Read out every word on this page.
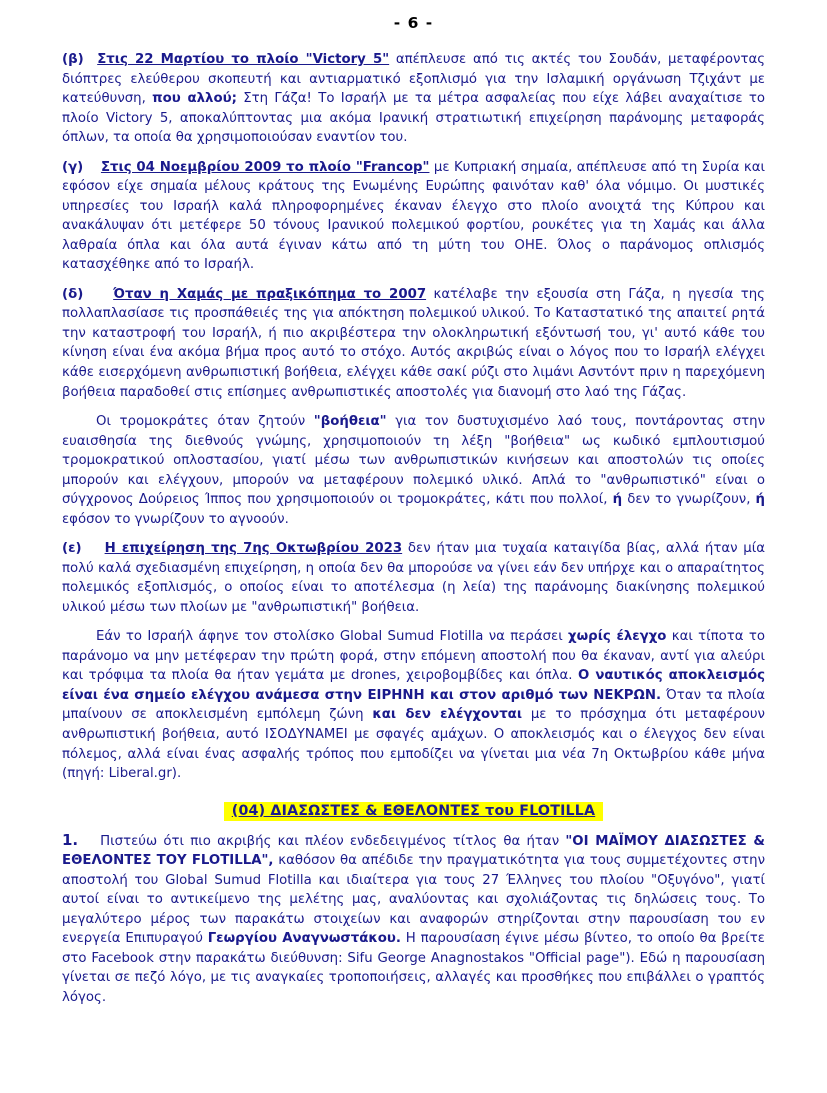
- 6 -

(β) Στις 22 Μαρτίου το πλοίο "Victory 5" απέπλευσε από τις ακτές του Σουδάν, μεταφέροντας διόπτρες ελεύθερου σκοπευτή και αντιαρματικό εξοπλισμό για την Ισλαμική οργάνωση Τζιχάντ με κατεύθυνση, που αλλού; Στη Γάζα! Το Ισραήλ με τα μέτρα ασφαλείας που είχε λάβει αναχαίτισε το πλοίο Victory 5, αποκαλύπτοντας μια ακόμα Ιρανική στρατιωτική επιχείρηση παράνομης μεταφοράς όπλων, τα οποία θα χρησιμοποιούσαν εναντίον του.

(γ) Στις 04 Νοεμβρίου 2009 το πλοίο "Francop" με Κυπριακή σημαία, απέπλευσε από τη Συρία και εφόσον είχε σημαία μέλους κράτους της Ενωμένης Ευρώπης φαινόταν καθ' όλα νόμιμο. Οι μυστικές υπηρεσίες του Ισραήλ καλά πληροφορημένες έκαναν έλεγχο στο πλοίο ανοιχτά της Κύπρου και ανακάλυψαν ότι μετέφερε 50 τόνους Ιρανικού πολεμικού φορτίου, ρουκέτες για τη Χαμάς και άλλα λαθραία όπλα και όλα αυτά έγιναν κάτω από τη μύτη του ΟΗΕ. Όλος ο παράνομος οπλισμός κατασχέθηκε από το Ισραήλ.

(δ) Όταν η Χαμάς με πραξικόπημα το 2007 κατέλαβε την εξουσία στη Γάζα, η ηγεσία της πολλαπλασίασε τις προσπάθειές της για απόκτηση πολεμικού υλικού. Το Καταστατικό της απαιτεί ρητά την καταστροφή του Ισραήλ, ή πιο ακριβέστερα την ολοκληρωτική εξόντωσή του, γι' αυτό κάθε του κίνηση είναι ένα ακόμα βήμα προς αυτό το στόχο. Αυτός ακριβώς είναι ο λόγος που το Ισραήλ ελέγχει κάθε εισερχόμενη ανθρωπιστική βοήθεια, ελέγχει κάθε σακί ρύζι στο λιμάνι Ασντόντ πριν η παρεχόμενη βοήθεια παραδοθεί στις επίσημες ανθρωπιστικές αποστολές για διανομή στο λαό της Γάζας.

Οι τρομοκράτες όταν ζητούν "βοήθεια" για τον δυστυχισμένο λαό τους, ποντάροντας στην ευαισθησία της διεθνούς γνώμης, χρησιμοποιούν τη λέξη "βοήθεια" ως κωδικό εμπλουτισμού τρομοκρατικού οπλοστασίου, γιατί μέσω των ανθρωπιστικών κινήσεων και αποστολών τις οποίες μπορούν και ελέγχουν, μπορούν να μεταφέρουν πολεμικό υλικό. Απλά το "ανθρωπιστικό" είναι ο σύγχρονος Δούρειος Ίππος που χρησιμοποιούν οι τρομοκράτες, κάτι που πολλοί, ή δεν το γνωρίζουν, ή εφόσον το γνωρίζουν το αγνοούν.

(ε) Η επιχείρηση της 7ης Οκτωβρίου 2023 δεν ήταν μια τυχαία καταιγίδα βίας, αλλά ήταν μία πολύ καλά σχεδιασμένη επιχείρηση, η οποία δεν θα μπορούσε να γίνει εάν δεν υπήρχε και ο απαραίτητος πολεμικός εξοπλισμός, ο οποίος είναι το αποτέλεσμα (η λεία) της παράνομης διακίνησης πολεμικού υλικού μέσω των πλοίων με "ανθρωπιστική" βοήθεια.

Εάν το Ισραήλ άφηνε τον στολίσκο Global Sumud Flotilla να περάσει χωρίς έλεγχο και τίποτα το παράνομο να μην μετέφεραν την πρώτη φορά, στην επόμενη αποστολή που θα έκαναν, αντί για αλεύρι και τρόφιμα τα πλοία θα ήταν γεμάτα με drones, χειροβομβίδες και όπλα. Ο ναυτικός αποκλεισμός είναι ένα σημείο ελέγχου ανάμεσα στην ΕΙΡΗΝΗ και στον αριθμό των ΝΕΚΡΩΝ. Όταν τα πλοία μπαίνουν σε αποκλεισμένη εμπόλεμη ζώνη και δεν ελέγχονται με το πρόσχημα ότι μεταφέρουν ανθρωπιστική βοήθεια, αυτό ΙΣΟΔΥΝΑΜΕΙ με σφαγές αμάχων. Ο αποκλεισμός και ο έλεγχος δεν είναι πόλεμος, αλλά είναι ένας ασφαλής τρόπος που εμποδίζει να γίνεται μια νέα 7η Οκτωβρίου κάθε μήνα (πηγή: Liberal.gr).

(04) ΔΙΑΣΩΣΤΕΣ & ΕΘΕΛΟΝΤΕΣ του FLOTILLA

1. Πιστεύω ότι πιο ακριβής και πλέον ενδεδειγμένος τίτλος θα ήταν "ΟΙ ΜΑΪΜΟΥ ΔΙΑΣΩΣΤΕΣ & ΕΘΕΛΟΝΤΕΣ ΤΟΥ FLOTILLA", καθόσον θα απέδιδε την πραγματικότητα για τους συμμετέχοντες στην αποστολή του Global Sumud Flotilla και ιδιαίτερα για τους 27 Έλληνες του πλοίου "Οξυγόνο", γιατί αυτοί είναι το αντικείμενο της μελέτης μας, αναλύοντας και σχολιάζοντας τις δηλώσεις τους. Το μεγαλύτερο μέρος των παρακάτω στοιχείων και αναφορών στηρίζονται στην παρουσίαση του εν ενεργεία Επιπυραγού Γεωργίου Αναγνωστάκου. Η παρουσίαση έγινε μέσω βίντεο, το οποίο θα βρείτε στο Facebook στην παρακάτω διεύθυνση: Sifu George Anagnostakos "Official page"). Εδώ η παρουσίαση γίνεται σε πεζό λόγο, με τις αναγκαίες τροποποιήσεις, αλλαγές και προσθήκες που επιβάλλει ο γραπτός λόγος.
